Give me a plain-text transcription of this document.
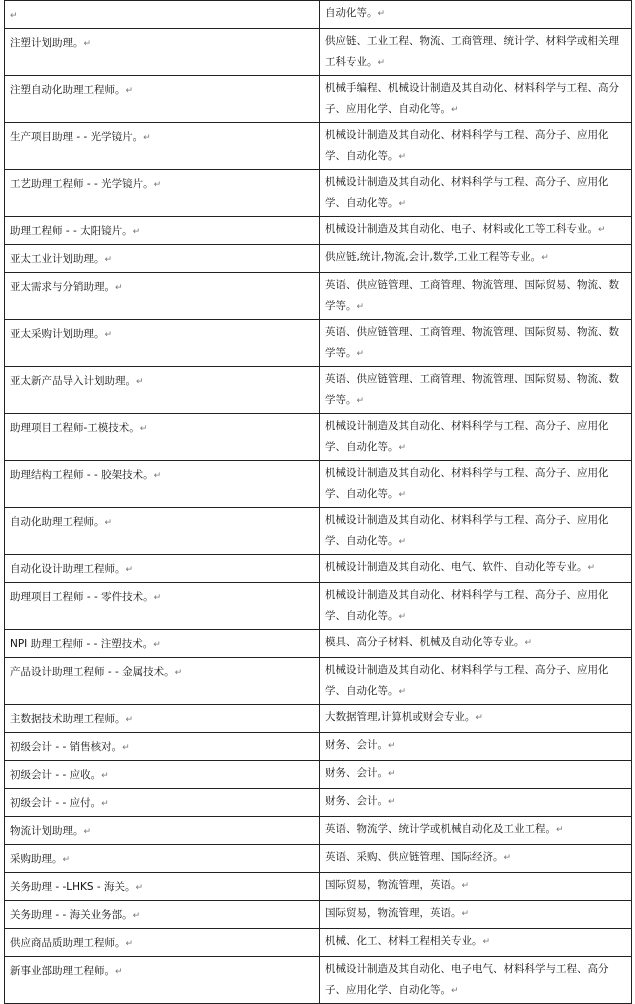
↵	自动化等。↵
注塑计划助理。↵	供应链、工业工程、物流、工商管理、统计学、材料学或相关理工科专业。↵
注塑自动化助理工程师。↵	机械手编程、机械设计制造及其自动化、材料科学与工程、高分子、应用化学、自动化等。↵
生产项目助理 - - 光学镜片。↵	机械设计制造及其自动化、材料科学与工程、高分子、应用化学、自动化等。↵
工艺助理工程师 - - 光学镜片。↵	机械设计制造及其自动化、材料科学与工程、高分子、应用化学、自动化等。↵
助理工程师 - - 太阳镜片。↵	机械设计制造及其自动化、电子、材料或化工等工科专业。↵
亚太工业计划助理。↵	供应链,统计,物流,会计,数学,工业工程等专业。↵
亚太需求与分销助理。↵	英语、供应链管理、工商管理、物流管理、国际贸易、物流、数学等。↵
亚太采购计划助理。↵	英语、供应链管理、工商管理、物流管理、国际贸易、物流、数学等。↵
亚太新产品导入计划助理。↵	英语、供应链管理、工商管理、物流管理、国际贸易、物流、数学等。↵
助理项目工程师-工模技术。↵	机械设计制造及其自动化、材料科学与工程、高分子、应用化学、自动化等。↵
助理结构工程师 - - 胶架技术。↵	机械设计制造及其自动化、材料科学与工程、高分子、应用化学、自动化等。↵
自动化助理工程师。↵	机械设计制造及其自动化、材料科学与工程、高分子、应用化学、自动化等。↵
自动化设计助理工程师。↵	机械设计制造及其自动化、电气、软件、自动化等专业。↵
助理项目工程师 - - 零件技术。↵	机械设计制造及其自动化、材料科学与工程、高分子、应用化学、自动化等。↵
NPI 助理工程师 - - 注塑技术。↵	模具、高分子材料、机械及自动化等专业。↵
产品设计助理工程师 - - 金属技术。↵	机械设计制造及其自动化、材料科学与工程、高分子、应用化学、自动化等。↵
主数据技术助理工程师。↵	大数据管理,计算机或财会专业。↵
初级会计 - - 销售核对。↵	财务、会计。↵
初级会计 - - 应收。↵	财务、会计。↵
初级会计 - - 应付。↵	财务、会计。↵
物流计划助理。↵	英语、物流学、统计学或机械自动化及工业工程。↵
采购助理。↵	英语、采购、供应链管理、国际经济。↵
关务助理 - -LHKS - 海关。↵	国际贸易，物流管理，英语。↵
关务助理 - - 海关业务部。↵	国际贸易，物流管理，英语。↵
供应商品质助理工程师。↵	机械、化工、材料工程相关专业。↵
新事业部助理工程师。↵	机械设计制造及其自动化、电子电气、材料科学与工程、高分子、应用化学、自动化等。↵
